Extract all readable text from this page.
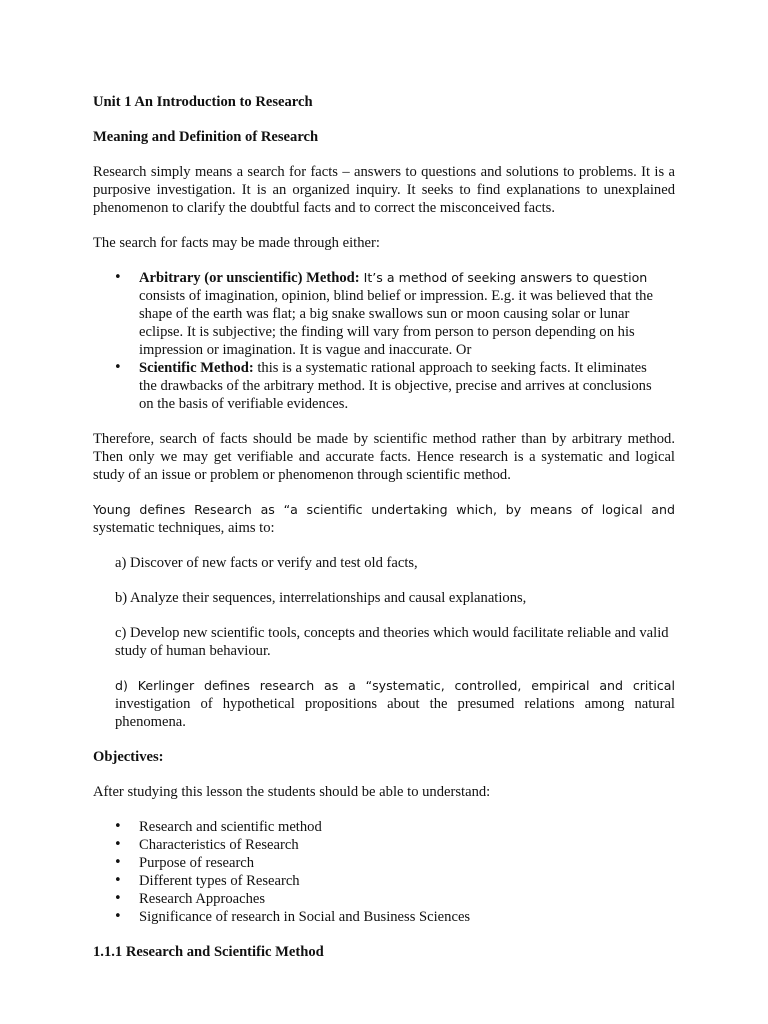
Unit 1 An Introduction to Research

Meaning and Definition of Research

Research simply means a search for facts – answers to questions and solutions to problems. It is a purposive investigation. It is an organized inquiry. It seeks to find explanations to unexplained phenomenon to clarify the doubtful facts and to correct the misconceived facts.

The search for facts may be made through either:

• Arbitrary (or unscientific) Method: It’s a method of seeking answers to question consists of imagination, opinion, blind belief or impression. E.g. it was believed that the shape of the earth was flat; a big snake swallows sun or moon causing solar or lunar eclipse. It is subjective; the finding will vary from person to person depending on his impression or imagination. It is vague and inaccurate. Or
• Scientific Method: this is a systematic rational approach to seeking facts. It eliminates the drawbacks of the arbitrary method. It is objective, precise and arrives at conclusions on the basis of verifiable evidences.

Therefore, search of facts should be made by scientific method rather than by arbitrary method. Then only we may get verifiable and accurate facts. Hence research is a systematic and logical study of an issue or problem or phenomenon through scientific method.

Young defines Research as “a scientific undertaking which, by means of logical and systematic techniques, aims to:

a) Discover of new facts or verify and test old facts,

b) Analyze their sequences, interrelationships and causal explanations,

c) Develop new scientific tools, concepts and theories which would facilitate reliable and valid study of human behaviour.

d) Kerlinger defines research as a “systematic, controlled, empirical and critical investigation of hypothetical propositions about the presumed relations among natural phenomena.

Objectives:

After studying this lesson the students should be able to understand:

• Research and scientific method
• Characteristics of Research
• Purpose of research
• Different types of Research
• Research Approaches
• Significance of research in Social and Business Sciences

1.1.1 Research and Scientific Method
